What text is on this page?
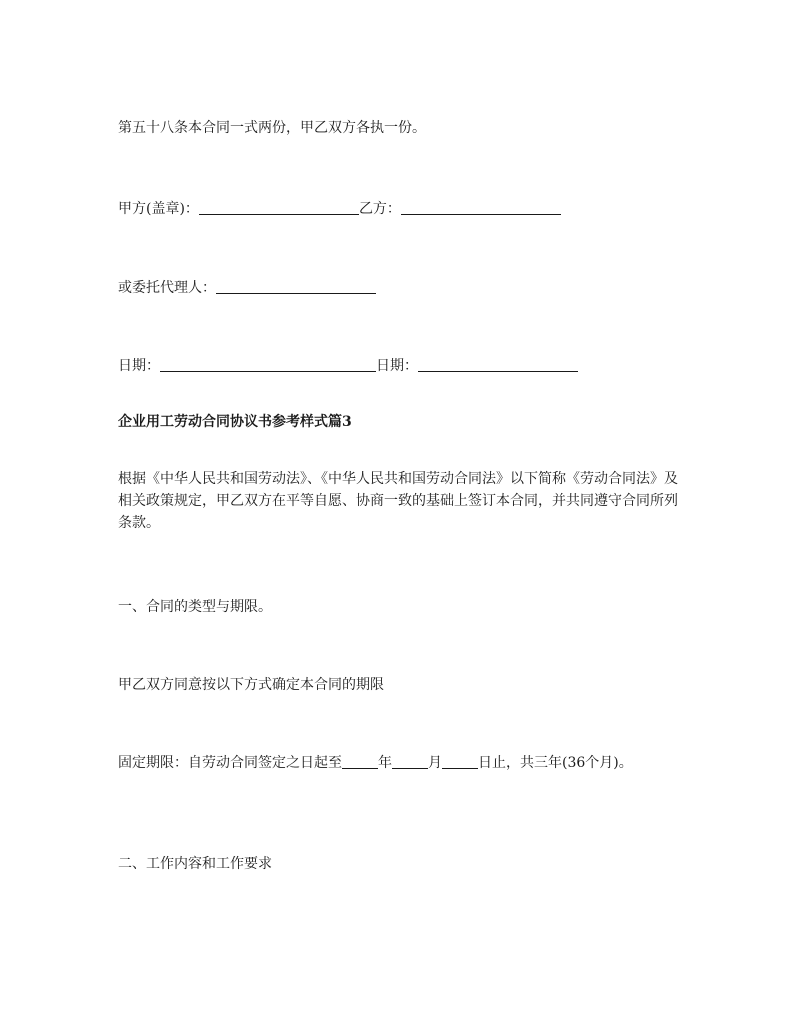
第五十八条本合同一式两份，甲乙双方各执一份。
甲方(盖章)：	乙方：
或委托代理人：
日期：	日期：
企业用工劳动合同协议书参考样式篇3
根据《中华人民共和国劳动法》、《中华人民共和国劳动合同法》以下简称《劳动合同法》及相关政策规定，甲乙双方在平等自愿、协商一致的基础上签订本合同，并共同遵守合同所列条款。
一、合同的类型与期限。
甲乙双方同意按以下方式确定本合同的期限
固定期限：自劳动合同签定之日起至	年	月	日止，共三年(36个月)。
二、工作内容和工作要求
